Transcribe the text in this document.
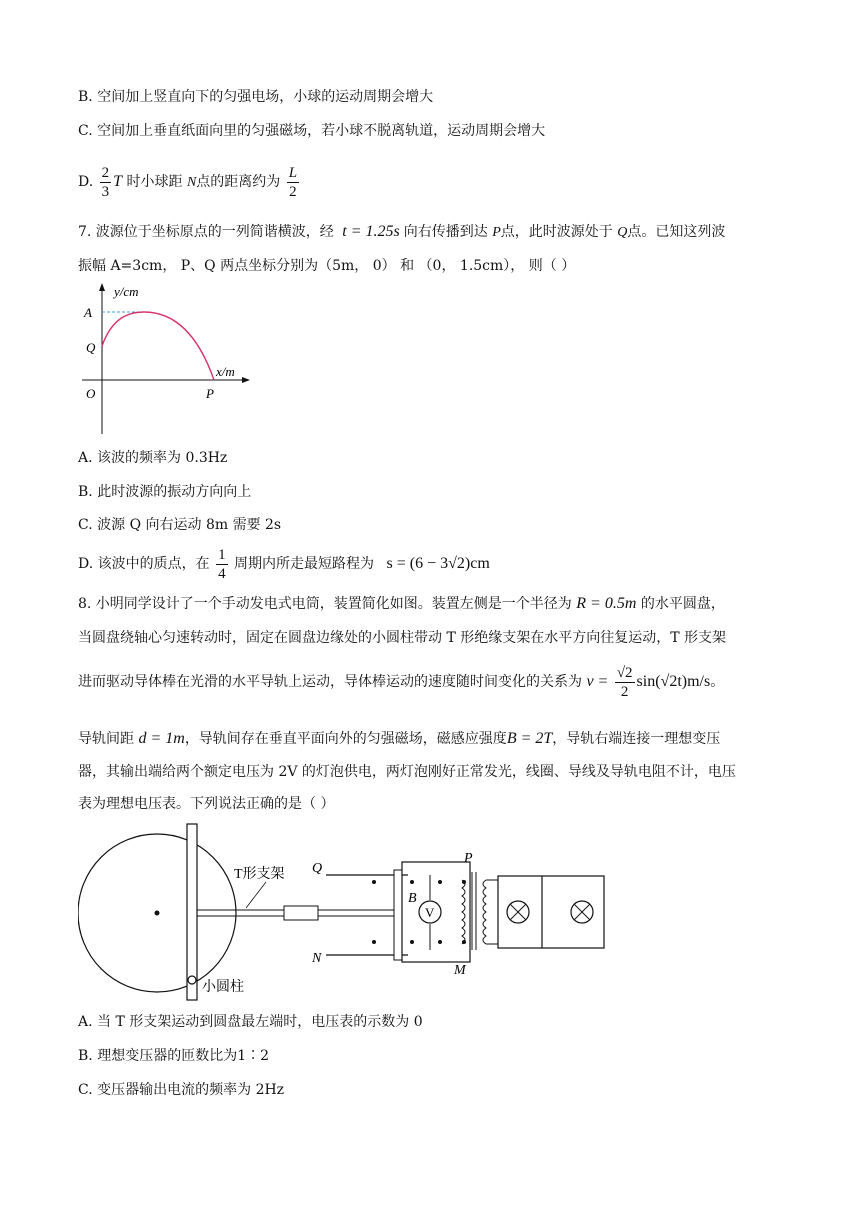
B. 空间加上竖直向下的匀强电场，小球的运动周期会增大
C. 空间加上垂直纸面向里的匀强磁场，若小球不脱离轨道，运动周期会增大
D. $\frac{2}{3}$ T 时小球距 N点的距离约为 $\frac{L}{2}$
7. 波源位于坐标原点的一列简谐横波，经 t = 1.25s 向右传播到达 P点，此时波源处于 Q点。已知这列波
振幅 A=3cm， P、Q 两点坐标分别为（5m， 0） 和 （0， 1.5cm）， 则（ ）
y/cm
x/m
A
Q
O	P
A. 该波的频率为 0.3Hz
B. 此时波源的振动方向向上
C. 波源 Q 向右运动 8m 需要 2s
D. 该波中的质点，在 $\frac{1}{4}$ 周期内所走最短路程为 s = (6 − 3√2)cm
8. 小明同学设计了一个手动发电式电筒，装置简化如图。装置左侧是一个半径为 R = 0.5m 的水平圆盘，
当圆盘绕轴心匀速转动时，固定在圆盘边缘处的小圆柱带动 T 形绝缘支架在水平方向往复运动，T 形支架
进而驱动导体棒在光滑的水平导轨上运动，导体棒运动的速度随时间变化的关系为 $v = \frac{√2}{2} \sin(√2t)m/s$。
导轨间距 d = 1m，导轨间存在垂直平面向外的匀强磁场，磁感应强度B = 2T，导轨右端连接一理想变压
器，其输出端给两个额定电压为 2V 的灯泡供电，两灯泡刚好正常发光，线圈、导线及导轨电阻不计，电压
表为理想电压表。下列说法正确的是（ ）
T形支架
小圆柱
Q
N
B
V
P
M
A. 当 T 形支架运动到圆盘最左端时，电压表的示数为 0
B. 理想变压器的匝数比为1∶2
C. 变压器输出电流的频率为 2Hz
